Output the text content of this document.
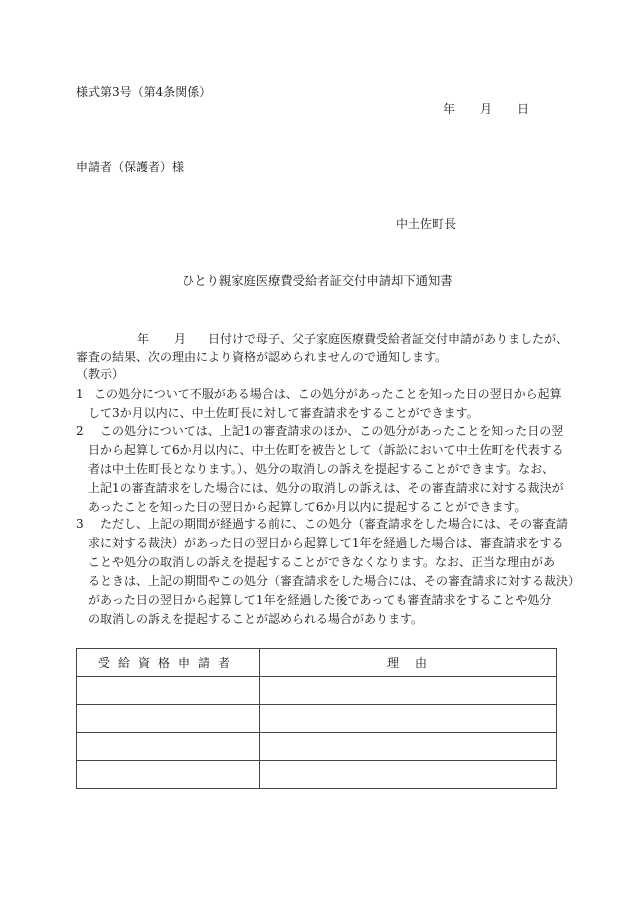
様式第3号（第4条関係）
年 月 日
申請者（保護者）様
中土佐町長
ひとり親家庭医療費受給者証交付申請却下通知書
年 月 日付けで母子、父子家庭医療費受給者証交付申請がありましたが、
審査の結果、次の理由により資格が認められませんので通知します。
（教示）
1 この処分について不服がある場合は、この処分があったことを知った日の翌日から起算
して3か月以内に、中土佐町長に対して審査請求をすることができます。
2 この処分については、上記1の審査請求のほか、この処分があったことを知った日の翌
日から起算して6か月以内に、中土佐町を被告として（訴訟において中土佐町を代表する
者は中土佐町長となります。）、処分の取消しの訴えを提起することができます。なお、
上記1の審査請求をした場合には、処分の取消しの訴えは、その審査請求に対する裁決が
あったことを知った日の翌日から起算して6か月以内に提起することができます。
3 ただし、上記の期間が経過する前に、この処分（審査請求をした場合には、その審査請
求に対する裁決）があった日の翌日から起算して1年を経過した場合は、審査請求をする
ことや処分の取消しの訴えを提起することができなくなります。なお、正当な理由があ
るときは、上記の期間やこの処分（審査請求をした場合には、その審査請求に対する裁決）
があった日の翌日から起算して1年を経過した後であっても審査請求をすることや処分
の取消しの訴えを提起することが認められる場合があります。
受給資格申請者	理　由
